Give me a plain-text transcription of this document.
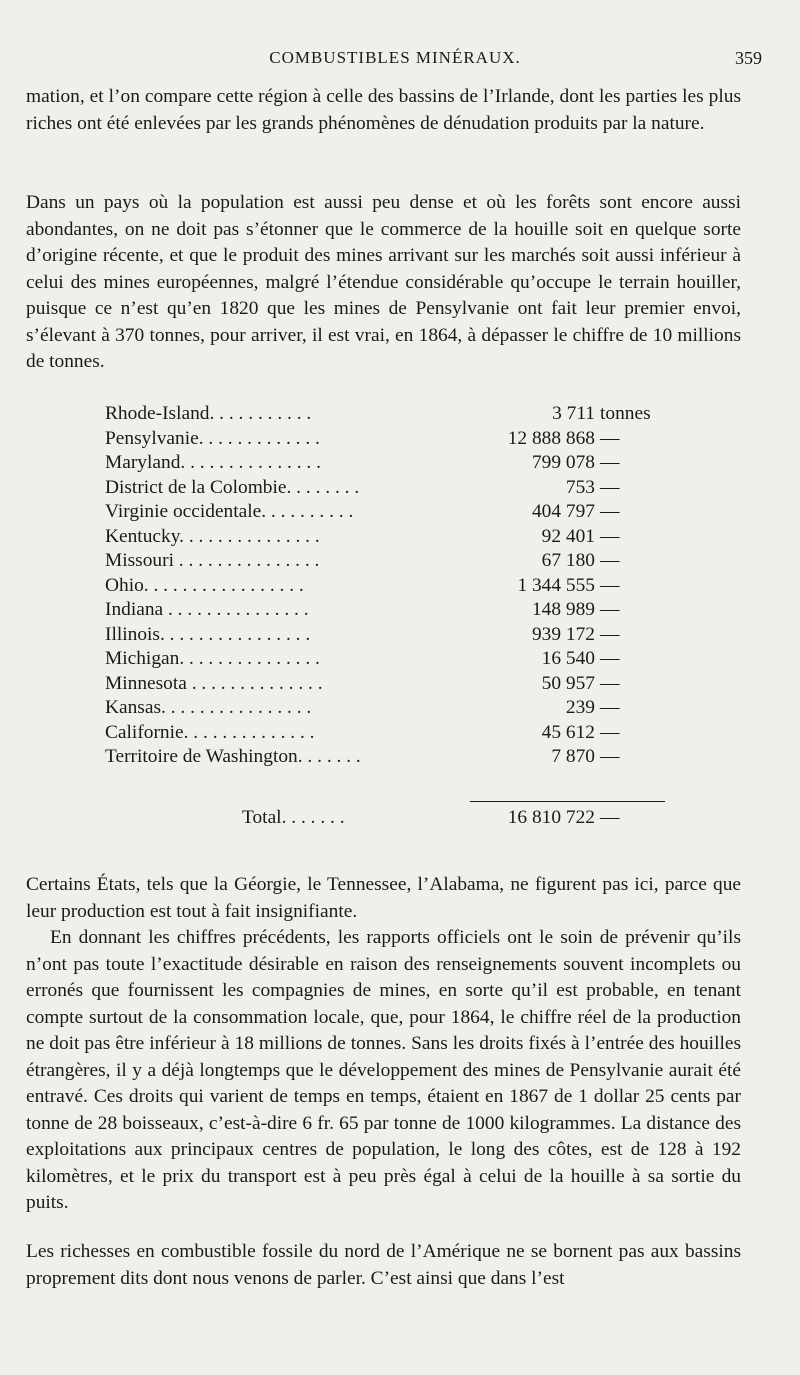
COMBUSTIBLES MINÉRAUX.	359

mation, et l’on compare cette région à celle des bassins de l’Irlande, dont les parties les plus riches ont été enlevées par les grands phénomènes de dénudation produits par la nature.

Dans un pays où la population est aussi peu dense et où les forêts sont encore aussi abondantes, on ne doit pas s’étonner que le commerce de la houille soit en quelque sorte d’origine récente, et que le produit des mines arrivant sur les marchés soit aussi inférieur à celui des mines européennes, malgré l’étendue considérable qu’occupe le terrain houiller, puisque ce n’est qu’en 1820 que les mines de Pensylvanie ont fait leur premier envoi, s’élevant à 370 tonnes, pour arriver, il est vrai, en 1864, à dépasser le chiffre de 10 millions de tonnes.

Rhode-Island. . . . . . . . . . .	3 711 tonnes
Pensylvanie. . . . . . . . . . . . .	12 888 868 —
Maryland. . . . . . . . . . . . . . .	799 078 —
District de la Colombie. . . . . . . .	753 —
Virginie occidentale. . . . . . . . . .	404 797 —
Kentucky. . . . . . . . . . . . . . .	92 401 —
Missouri . . . . . . . . . . . . . . .	67 180 —
Ohio. . . . . . . . . . . . . . . . .	1 344 555 —
Indiana . . . . . . . . . . . . . . .	148 989 —
Illinois. . . . . . . . . . . . . . . .	939 172 —
Michigan. . . . . . . . . . . . . . .	16 540 —
Minnesota . . . . . . . . . . . . . .	50 957 —
Kansas. . . . . . . . . . . . . . . .	239 —
Californie. . . . . . . . . . . . . .	45 612 —
Territoire de Washington. . . . . . .	7 870 —
Total. . . . . . .	16 810 722 —

Certains États, tels que la Géorgie, le Tennessee, l’Alabama, ne figurent pas ici, parce que leur production est tout à fait insignifiante.

En donnant les chiffres précédents, les rapports officiels ont le soin de prévenir qu’ils n’ont pas toute l’exactitude désirable en raison des renseignements souvent incomplets ou erronés que fournissent les compagnies de mines, en sorte qu’il est probable, en tenant compte surtout de la consommation locale, que, pour 1864, le chiffre réel de la production ne doit pas être inférieur à 18 millions de tonnes. Sans les droits fixés à l’entrée des houilles étrangères, il y a déjà longtemps que le développement des mines de Pensylvanie aurait été entravé. Ces droits qui varient de temps en temps, étaient en 1867 de 1 dollar 25 cents par tonne de 28 boisseaux, c’est-à-dire 6 fr. 65 par tonne de 1000 kilogrammes. La distance des exploitations aux principaux centres de population, le long des côtes, est de 128 à 192 kilomètres, et le prix du transport est à peu près égal à celui de la houille à sa sortie du puits.

Les richesses en combustible fossile du nord de l’Amérique ne se bornent pas aux bassins proprement dits dont nous venons de parler. C’est ainsi que dans l’est
